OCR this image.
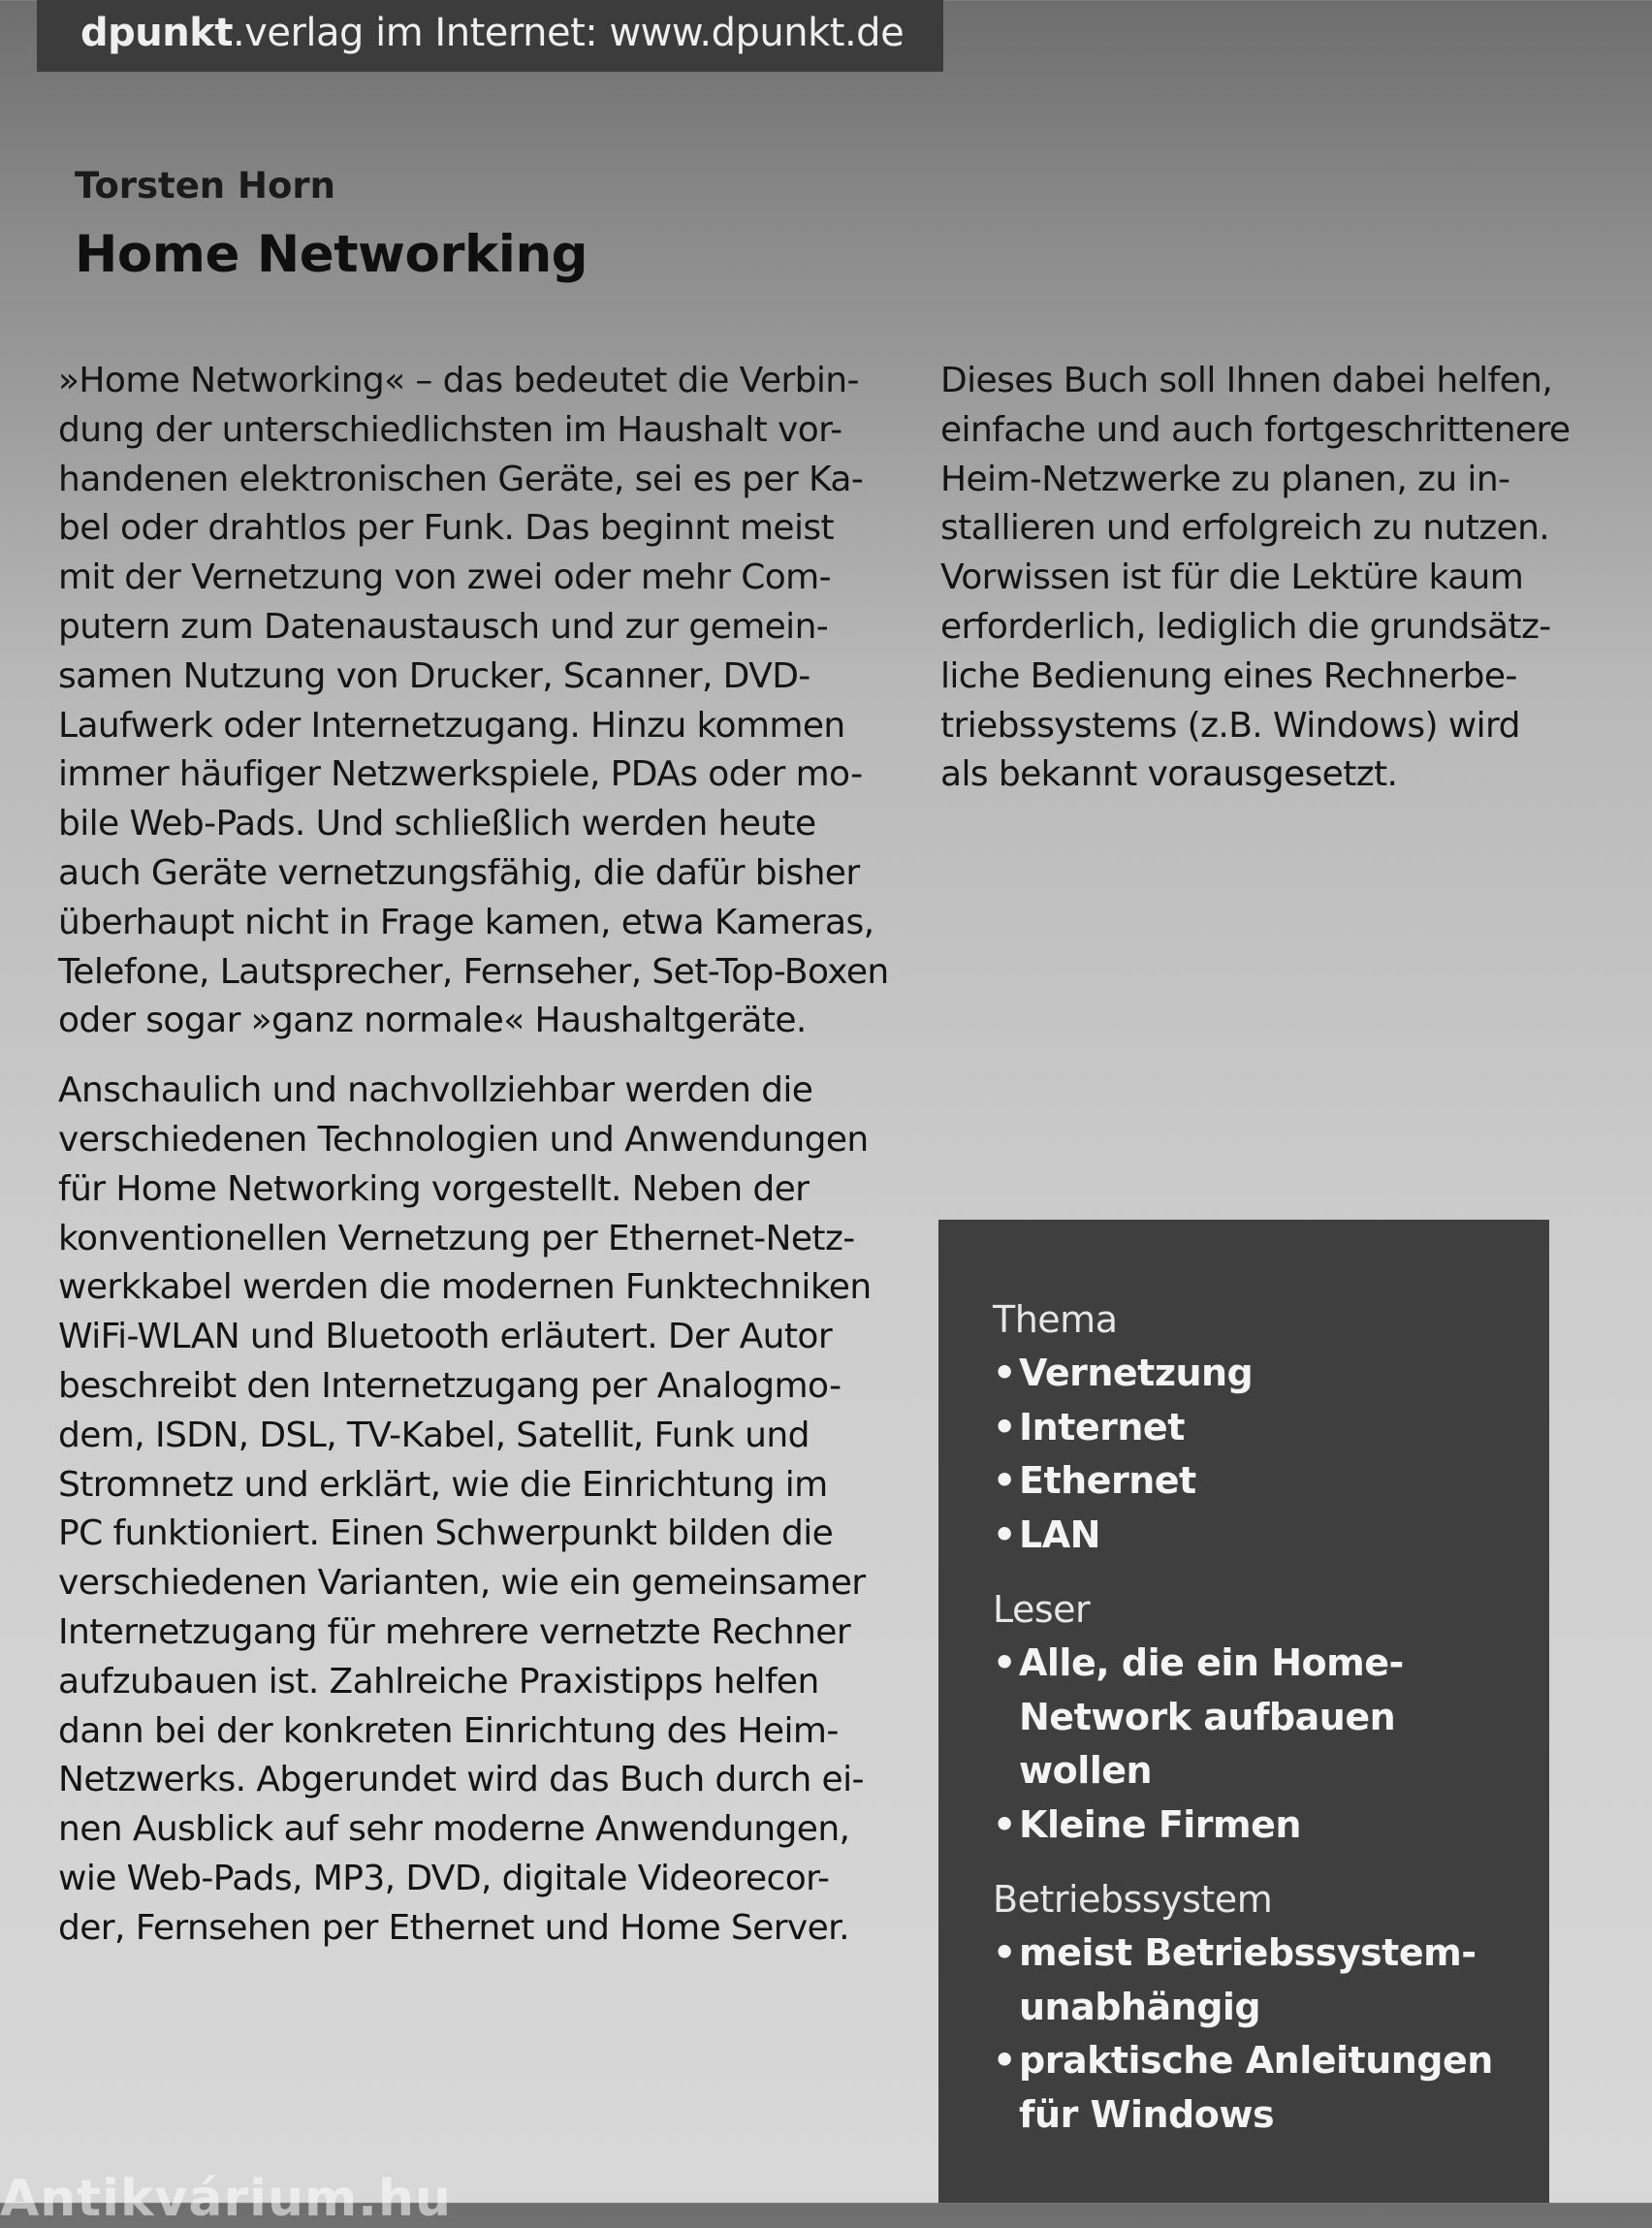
dpunkt.verlag im Internet: www.dpunkt.de
Torsten Horn
Home Networking

»Home Networking« – das bedeutet die Verbin-
dung der unterschiedlichsten im Haushalt vor-
handenen elektronischen Geräte, sei es per Ka-
bel oder drahtlos per Funk. Das beginnt meist
mit der Vernetzung von zwei oder mehr Com-
putern zum Datenaustausch und zur gemein-
samen Nutzung von Drucker, Scanner, DVD-
Laufwerk oder Internetzugang. Hinzu kommen
immer häufiger Netzwerkspiele, PDAs oder mo-
bile Web-Pads. Und schließlich werden heute
auch Geräte vernetzungsfähig, die dafür bisher
überhaupt nicht in Frage kamen, etwa Kameras,
Telefone, Lautsprecher, Fernseher, Set-Top-Boxen
oder sogar »ganz normale« Haushaltgeräte.

Anschaulich und nachvollziehbar werden die
verschiedenen Technologien und Anwendungen
für Home Networking vorgestellt. Neben der
konventionellen Vernetzung per Ethernet-Netz-
werkkabel werden die modernen Funktechniken
WiFi-WLAN und Bluetooth erläutert. Der Autor
beschreibt den Internetzugang per Analogmo-
dem, ISDN, DSL, TV-Kabel, Satellit, Funk und
Stromnetz und erklärt, wie die Einrichtung im
PC funktioniert. Einen Schwerpunkt bilden die
verschiedenen Varianten, wie ein gemeinsamer
Internetzugang für mehrere vernetzte Rechner
aufzubauen ist. Zahlreiche Praxistipps helfen
dann bei der konkreten Einrichtung des Heim-
Netzwerks. Abgerundet wird das Buch durch ei-
nen Ausblick auf sehr moderne Anwendungen,
wie Web-Pads, MP3, DVD, digitale Videorecor-
der, Fernsehen per Ethernet und Home Server.

Dieses Buch soll Ihnen dabei helfen,
einfache und auch fortgeschrittenere
Heim-Netzwerke zu planen, zu in-
stallieren und erfolgreich zu nutzen.
Vorwissen ist für die Lektüre kaum
erforderlich, lediglich die grundsätz-
liche Bedienung eines Rechnerbe-
triebssystems (z.B. Windows) wird
als bekannt vorausgesetzt.

Thema
• Vernetzung
• Internet
• Ethernet
• LAN
Leser
• Alle, die ein Home-
Network aufbauen
wollen
• Kleine Firmen
Betriebssystem
• meist Betriebssystem-
unabhängig
• praktische Anleitungen
für Windows
Antikvárium.hu
